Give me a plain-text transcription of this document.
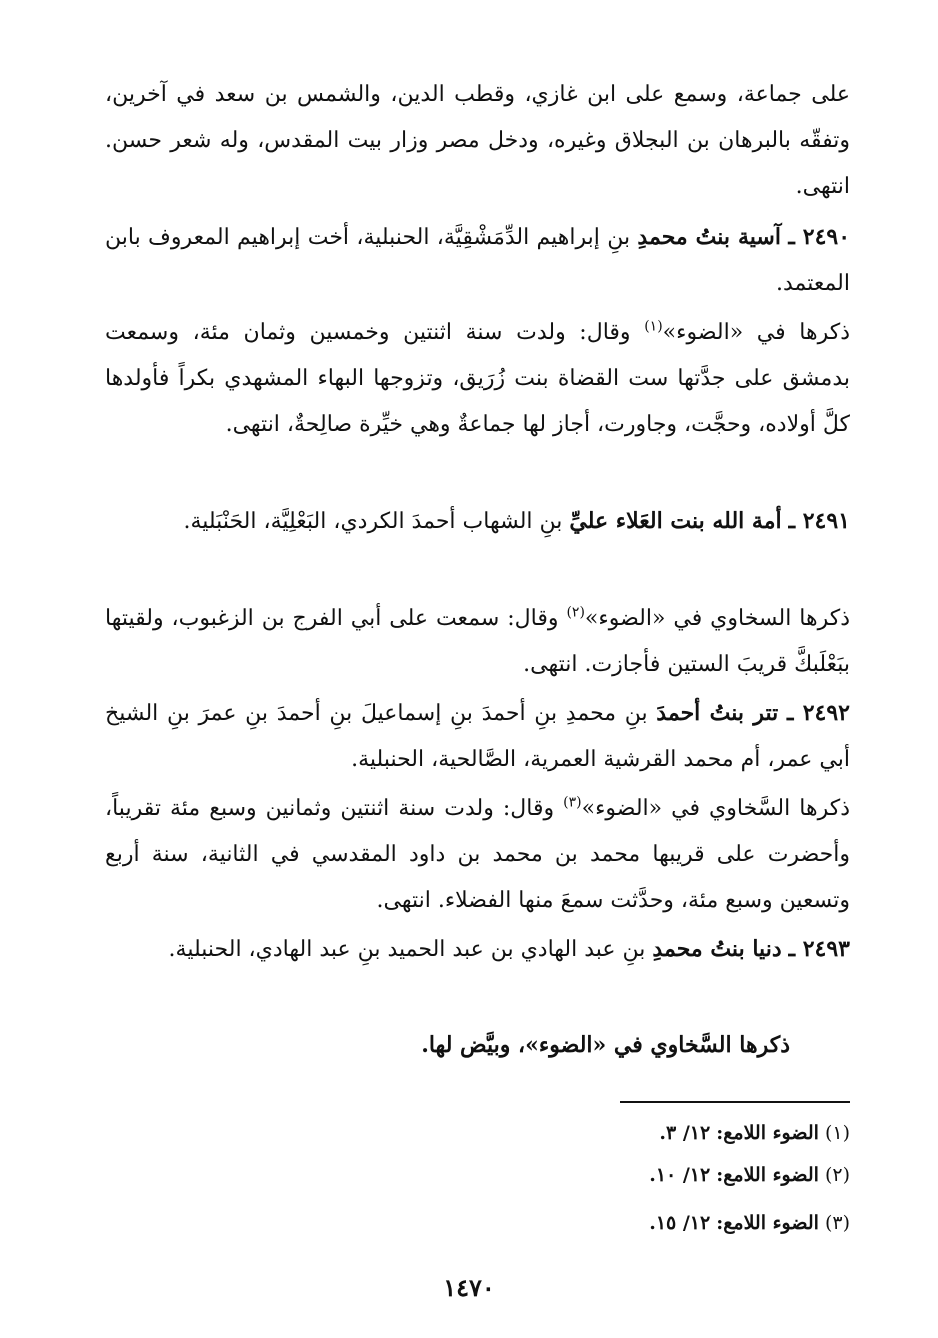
على جماعة، وسمع على ابن غازي، وقطب الدين، والشمس بن سعد في آخرين، وتفقّه بالبرهان بن البجلاق وغيره، ودخل مصر وزار بيت المقدس، وله شعر حسن. انتهى.

٢٤٩٠ ـ آسية بنتُ محمدِ بنِ إبراهيم الدِّمَشْقِيَّة، الحنبلية، أخت إبراهيم المعروف بابن المعتمد.

ذكرها في «الضوء»$^{(١)}$ وقال: ولدت سنة اثنتين وخمسين وثمان مئة، وسمعت بدمشق على جدَّتها ست القضاة بنت زُرَيق، وتزوجها البهاء المشهدي بكراً فأولدها كلَّ أولاده، وحجَّت، وجاورت، أجاز لها جماعةٌ وهي خيِّرة صالِحةٌ، انتهى.

٢٤٩١ ـ أمة الله بنت العَلاء عليِّ بنِ الشهاب أحمدَ الكردي، البَعْلِيَّة، الحَنْبَلية.

ذكرها السخاوي في «الضوء»$^{(٢)}$ وقال: سمعت على أبي الفرج بن الزغبوب، ولقيتها ببَعْلَبكَّ قريبَ الستين فأجازت. انتهى.

٢٤٩٢ ـ تتر بنتُ أحمدَ بنِ محمدِ بنِ أحمدَ بنِ إسماعيلَ بنِ أحمدَ بنِ عمرَ بنِ الشيخ أبي عمر، أم محمد القرشية العمرية، الصَّالحية، الحنبلية.

ذكرها السَّخاوي في «الضوء»$^{(٣)}$ وقال: ولدت سنة اثنتين وثمانين وسبع مئة تقريباً، وأحضرت على قريبها محمد بن محمد بن داود المقدسي في الثانية، سنة أربع وتسعين وسبع مئة، وحدَّثت سمعَ منها الفضلاء. انتهى.

٢٤٩٣ ـ دنيا بنتُ محمدِ بنِ عبد الهادي بن عبد الحميد بنِ عبد الهادي، الحنبلية.

ذكرها السَّخاوي في «الضوء»، وبيَّض لها.

(١) الضوء اللامع: ١٢/ ٣.
(٢) الضوء اللامع: ١٢/ ١٠.
(٣) الضوء اللامع: ١٢/ ١٥.
١٤٧٠
